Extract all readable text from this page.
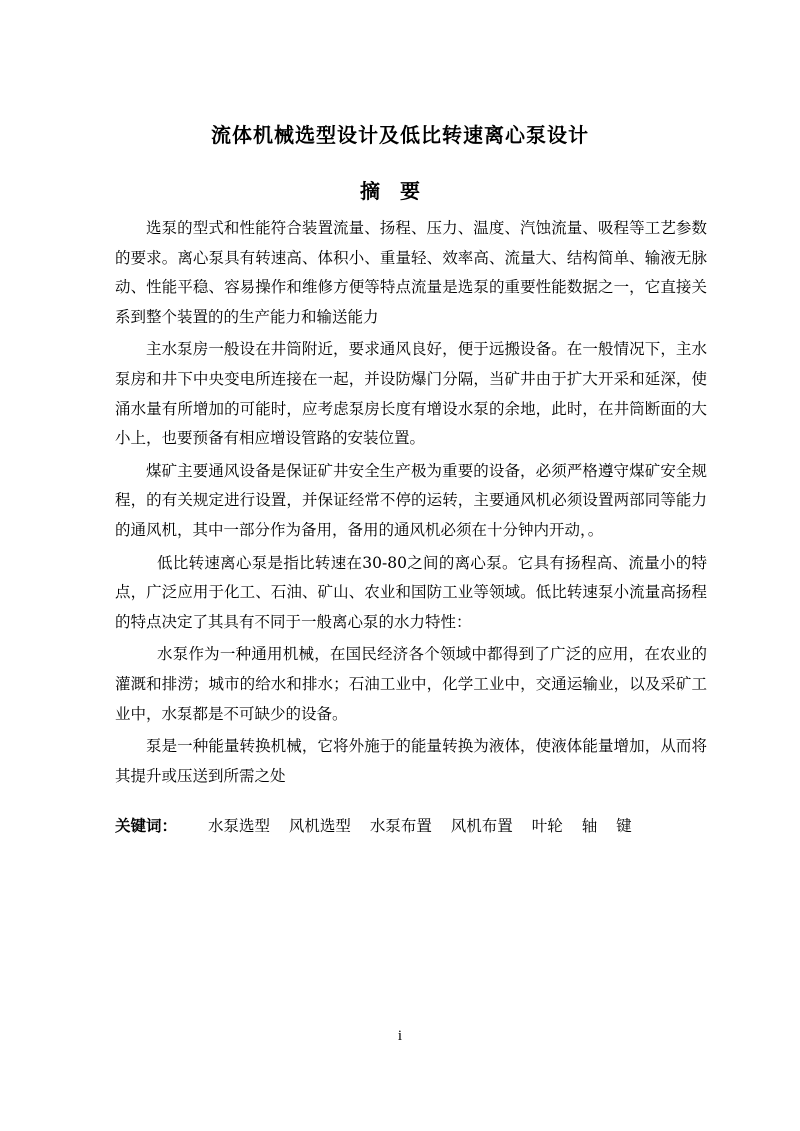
流体机械选型设计及低比转速离心泵设计
摘要

选泵的型式和性能符合装置流量、扬程、压力、温度、汽蚀流量、吸程等工艺参数的要求。离心泵具有转速高、体积小、重量轻、效率高、流量大、结构简单、输液无脉动、性能平稳、容易操作和维修方便等特点流量是选泵的重要性能数据之一，它直接关系到整个装置的的生产能力和输送能力

主水泵房一般设在井筒附近，要求通风良好，便于远搬设备。在一般情况下，主水泵房和井下中央变电所连接在一起，并设防爆门分隔，当矿井由于扩大开采和延深，使涌水量有所增加的可能时，应考虑泵房长度有增设水泵的余地，此时，在井筒断面的大小上，也要预备有相应增设管路的安装位置。

煤矿主要通风设备是保证矿井安全生产极为重要的设备，必须严格遵守煤矿安全规程，的有关规定进行设置，并保证经常不停的运转，主要通风机必须设置两部同等能力的通风机，其中一部分作为备用，备用的通风机必须在十分钟内开动，。

低比转速离心泵是指比转速在30-80之间的离心泵。它具有扬程高、流量小的特点，广泛应用于化工、石油、矿山、农业和国防工业等领域。低比转速泵小流量高扬程的特点决定了其具有不同于一般离心泵的水力特性：

水泵作为一种通用机械，在国民经济各个领域中都得到了广泛的应用，在农业的灌溉和排涝；城市的给水和排水；石油工业中，化学工业中，交通运输业，以及采矿工业中，水泵都是不可缺少的设备。

泵是一种能量转换机械，它将外施于的能量转换为液体，使液体能量增加，从而将其提升或压送到所需之处

关键词： 水泵选型 风机选型 水泵布置 风机布置 叶轮 轴 键
i
